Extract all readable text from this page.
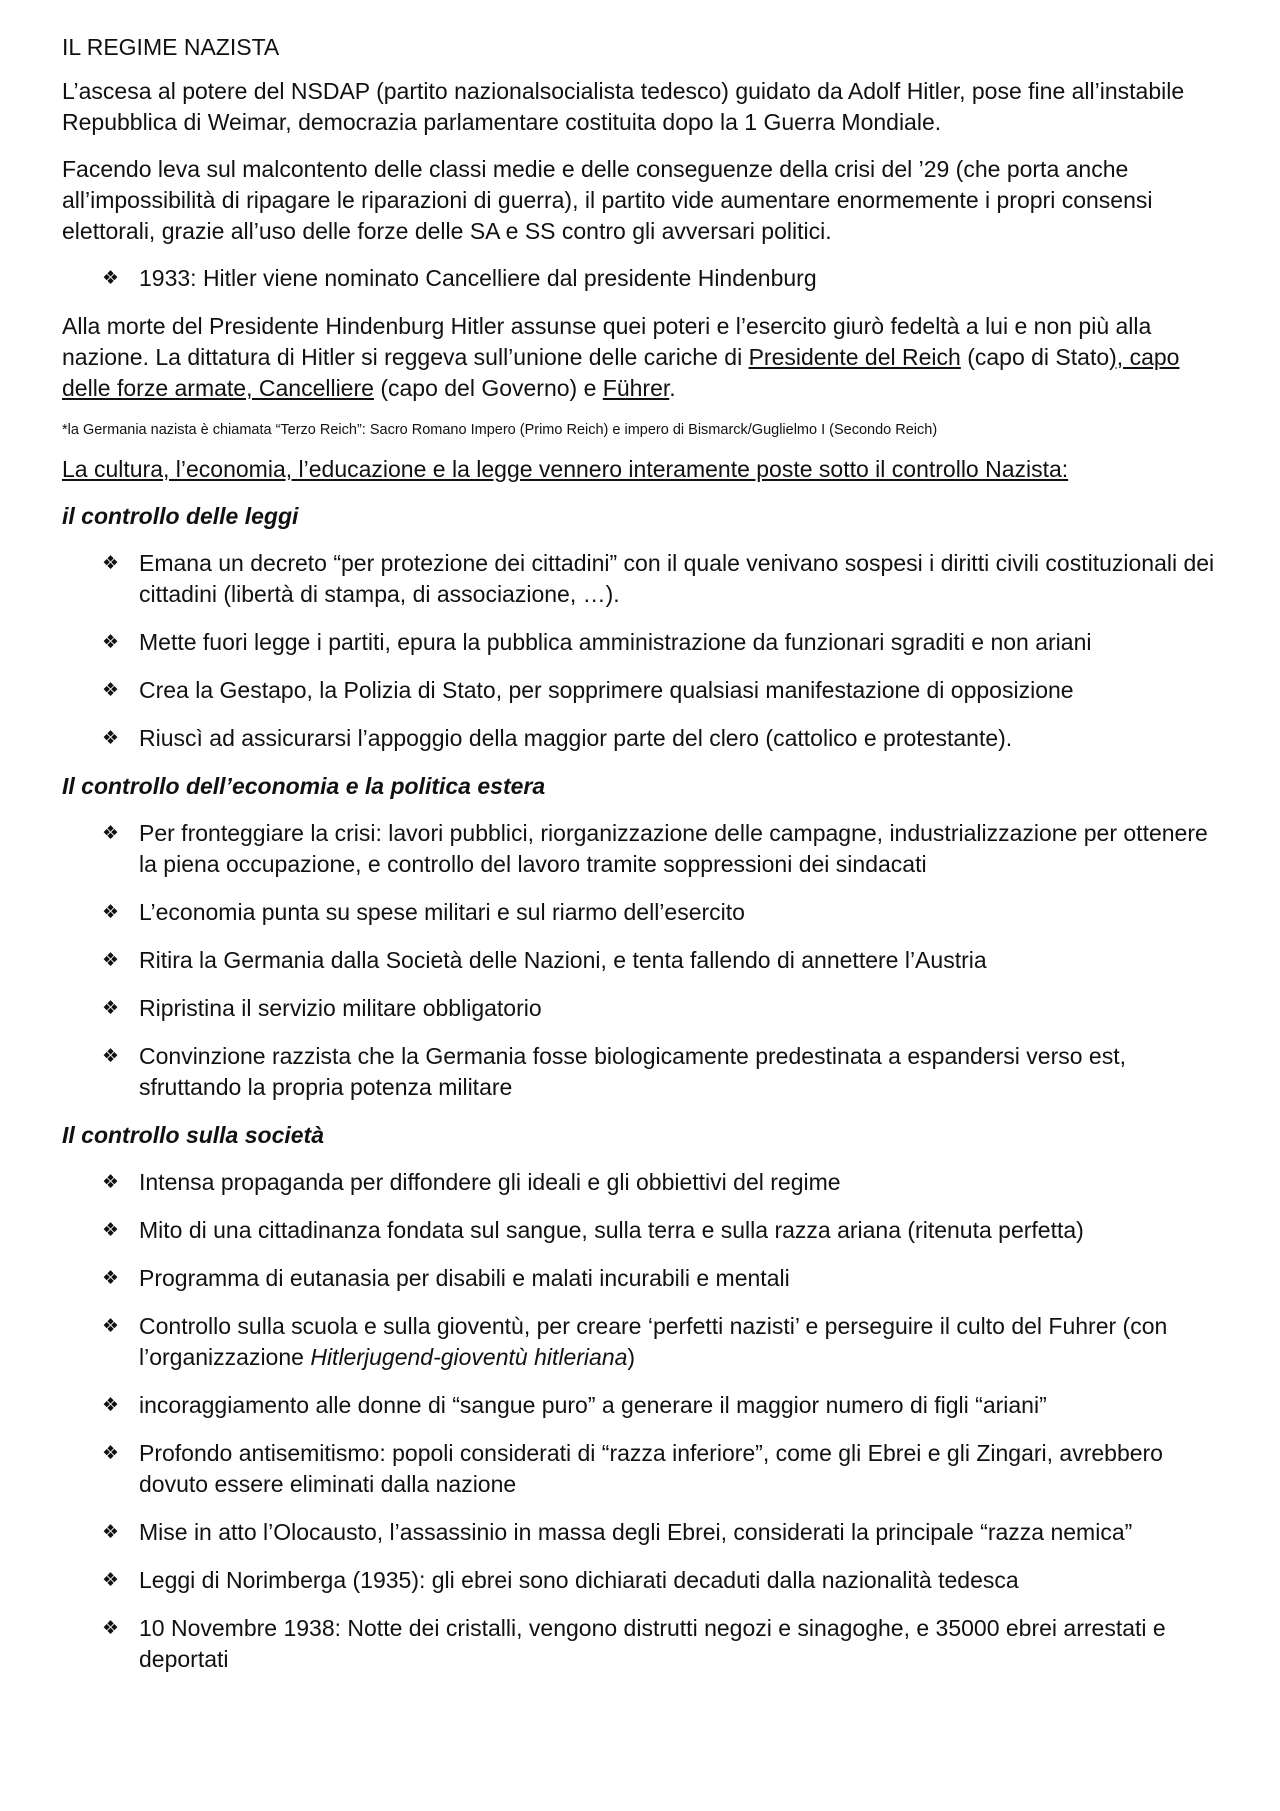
IL REGIME NAZISTA

L’ascesa al potere del NSDAP (partito nazionalsocialista tedesco) guidato da Adolf Hitler, pose fine all’instabile Repubblica di Weimar, democrazia parlamentare costituita dopo la 1 Guerra Mondiale.

Facendo leva sul malcontento delle classi medie e delle conseguenze della crisi del ’29 (che porta anche all’impossibilità di ripagare le riparazioni di guerra), il partito vide aumentare enormemente i propri consensi elettorali, grazie all’uso delle forze delle SA e SS contro gli avversari politici.

❖ 1933: Hitler viene nominato Cancelliere dal presidente Hindenburg

Alla morte del Presidente Hindenburg Hitler assunse quei poteri e l’esercito giurò fedeltà a lui e non più alla nazione. La dittatura di Hitler si reggeva sull’unione delle cariche di Presidente del Reich (capo di Stato), capo delle forze armate, Cancelliere (capo del Governo) e Führer.

*la Germania nazista è chiamata “Terzo Reich”: Sacro Romano Impero (Primo Reich) e impero di Bismarck/Guglielmo I (Secondo Reich)

La cultura, l’economia, l’educazione e la legge vennero interamente poste sotto il controllo Nazista:

il controllo delle leggi
❖ Emana un decreto “per protezione dei cittadini” con il quale venivano sospesi i diritti civili costituzionali dei cittadini (libertà di stampa, di associazione, …).
❖ Mette fuori legge i partiti, epura la pubblica amministrazione da funzionari sgraditi e non ariani
❖ Crea la Gestapo, la Polizia di Stato, per sopprimere qualsiasi manifestazione di opposizione
❖ Riuscì ad assicurarsi l’appoggio della maggior parte del clero (cattolico e protestante).
Il controllo dell’economia e la politica estera
❖ Per fronteggiare la crisi: lavori pubblici, riorganizzazione delle campagne, industrializzazione per ottenere la piena occupazione, e controllo del lavoro tramite soppressioni dei sindacati
❖ L’economia punta su spese militari e sul riarmo dell’esercito
❖ Ritira la Germania dalla Società delle Nazioni, e tenta fallendo di annettere l’Austria
❖ Ripristina il servizio militare obbligatorio
❖ Convinzione razzista che la Germania fosse biologicamente predestinata a espandersi verso est, sfruttando la propria potenza militare
Il controllo sulla società
❖ Intensa propaganda per diffondere gli ideali e gli obbiettivi del regime
❖ Mito di una cittadinanza fondata sul sangue, sulla terra e sulla razza ariana (ritenuta perfetta)
❖ Programma di eutanasia per disabili e malati incurabili e mentali
❖ Controllo sulla scuola e sulla gioventù, per creare ‘perfetti nazisti’ e perseguire il culto del Fuhrer (con l’organizzazione Hitlerjugend-gioventù hitleriana)
❖ incoraggiamento alle donne di “sangue puro” a generare il maggior numero di figli “ariani”
❖ Profondo antisemitismo: popoli considerati di “razza inferiore”, come gli Ebrei e gli Zingari, avrebbero dovuto essere eliminati dalla nazione
❖ Mise in atto l’Olocausto, l’assassinio in massa degli Ebrei, considerati la principale “razza nemica”
❖ Leggi di Norimberga (1935): gli ebrei sono dichiarati decaduti dalla nazionalità tedesca
❖ 10 Novembre 1938: Notte dei cristalli, vengono distrutti negozi e sinagoghe, e 35000 ebrei arrestati e deportati
